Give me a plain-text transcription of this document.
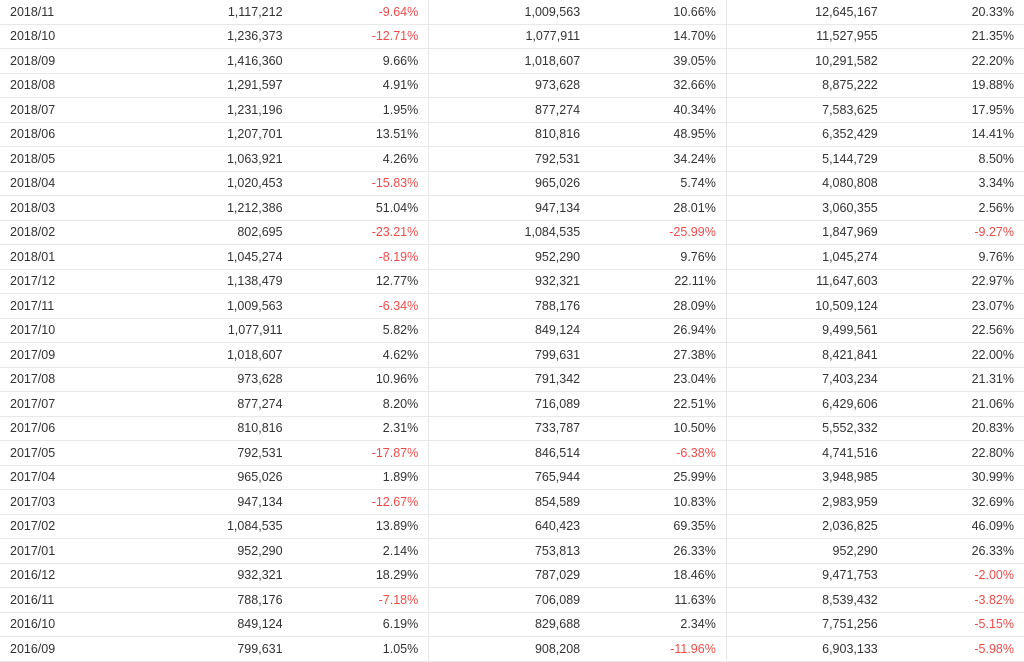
2018/11	1,117,212	-9.64%	1,009,563	10.66%	12,645,167	20.33%
2018/10	1,236,373	-12.71%	1,077,911	14.70%	11,527,955	21.35%
2018/09	1,416,360	9.66%	1,018,607	39.05%	10,291,582	22.20%
2018/08	1,291,597	4.91%	973,628	32.66%	8,875,222	19.88%
2018/07	1,231,196	1.95%	877,274	40.34%	7,583,625	17.95%
2018/06	1,207,701	13.51%	810,816	48.95%	6,352,429	14.41%
2018/05	1,063,921	4.26%	792,531	34.24%	5,144,729	8.50%
2018/04	1,020,453	-15.83%	965,026	5.74%	4,080,808	3.34%
2018/03	1,212,386	51.04%	947,134	28.01%	3,060,355	2.56%
2018/02	802,695	-23.21%	1,084,535	-25.99%	1,847,969	-9.27%
2018/01	1,045,274	-8.19%	952,290	9.76%	1,045,274	9.76%
2017/12	1,138,479	12.77%	932,321	22.11%	11,647,603	22.97%
2017/11	1,009,563	-6.34%	788,176	28.09%	10,509,124	23.07%
2017/10	1,077,911	5.82%	849,124	26.94%	9,499,561	22.56%
2017/09	1,018,607	4.62%	799,631	27.38%	8,421,841	22.00%
2017/08	973,628	10.96%	791,342	23.04%	7,403,234	21.31%
2017/07	877,274	8.20%	716,089	22.51%	6,429,606	21.06%
2017/06	810,816	2.31%	733,787	10.50%	5,552,332	20.83%
2017/05	792,531	-17.87%	846,514	-6.38%	4,741,516	22.80%
2017/04	965,026	1.89%	765,944	25.99%	3,948,985	30.99%
2017/03	947,134	-12.67%	854,589	10.83%	2,983,959	32.69%
2017/02	1,084,535	13.89%	640,423	69.35%	2,036,825	46.09%
2017/01	952,290	2.14%	753,813	26.33%	952,290	26.33%
2016/12	932,321	18.29%	787,029	18.46%	9,471,753	-2.00%
2016/11	788,176	-7.18%	706,089	11.63%	8,539,432	-3.82%
2016/10	849,124	6.19%	829,688	2.34%	7,751,256	-5.15%
2016/09	799,631	1.05%	908,208	-11.96%	6,903,133	-5.98%
